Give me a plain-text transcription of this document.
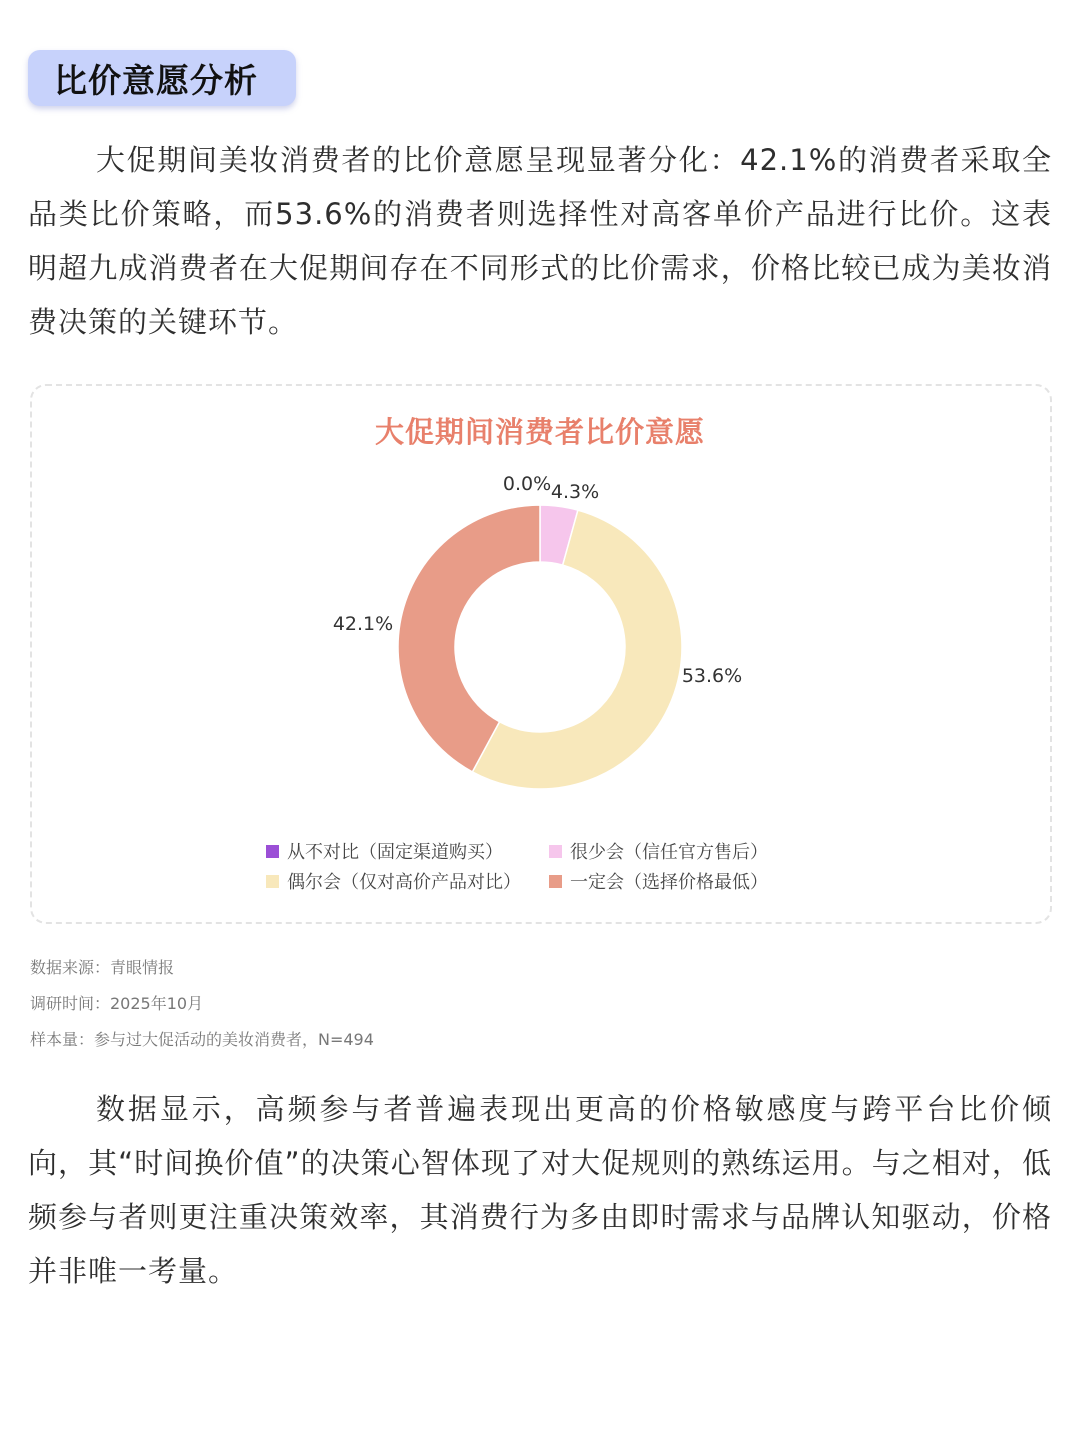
比价意愿分析

大促期间美妆消费者的比价意愿呈现显著分化：42.1%的消费者采取全品类比价策略，而53.6%的消费者则选择性对高客单价产品进行比价。这表明超九成消费者在大促期间存在不同形式的比价需求，价格比较已成为美妆消费决策的关键环节。

大促期间消费者比价意愿
0.0% 4.3%
53.6%
42.1%
从不对比（固定渠道购买）	很少会（信任官方售后）
偶尔会（仅对高价产品对比）	一定会（选择价格最低）
数据来源：青眼情报
调研时间：2025年10月
样本量：参与过大促活动的美妆消费者，N=494

数据显示，高频参与者普遍表现出更高的价格敏感度与跨平台比价倾向，其“时间换价值”的决策心智体现了对大促规则的熟练运用。与之相对，低频参与者则更注重决策效率，其消费行为多由即时需求与品牌认知驱动，价格并非唯一考量。
